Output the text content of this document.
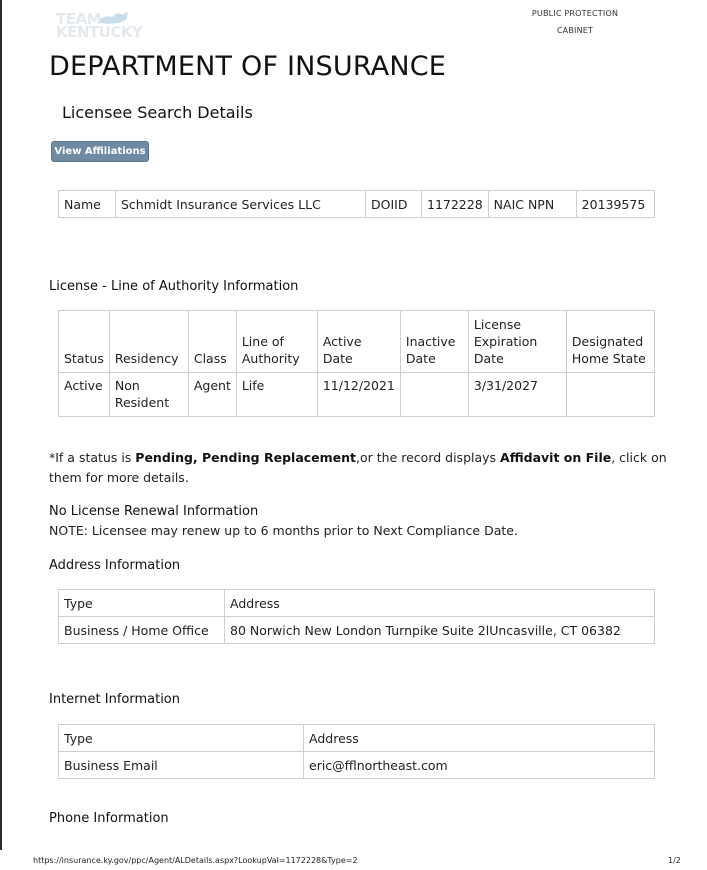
TEAM
KENTUCKY
PUBLIC PROTECTION
CABINET
DEPARTMENT OF INSURANCE
Licensee Search Details
View Affiliations
Name	Schmidt Insurance Services LLC	DOIID	1172228	NAIC NPN	20139575
License - Line of Authority Information
Status	Residency	Class	Line of Authority	Active Date	Inactive Date	License Expiration Date	Designated Home State
Active	Non Resident	Agent	Life	11/12/2021		3/31/2027	
*If a status is Pending, Pending Replacement,or the record displays Affidavit on File, click on them for more details.
No License Renewal Information
NOTE: Licensee may renew up to 6 months prior to Next Compliance Date.
Address Information
Type	Address
Business / Home Office	80 Norwich New London Turnpike Suite 2lUncasville, CT 06382
Internet Information
Type	Address
Business Email	eric@fflnortheast.com
Phone Information
https://insurance.ky.gov/ppc/Agent/ALDetails.aspx?LookupVal=1172228&Type=2	1/2
